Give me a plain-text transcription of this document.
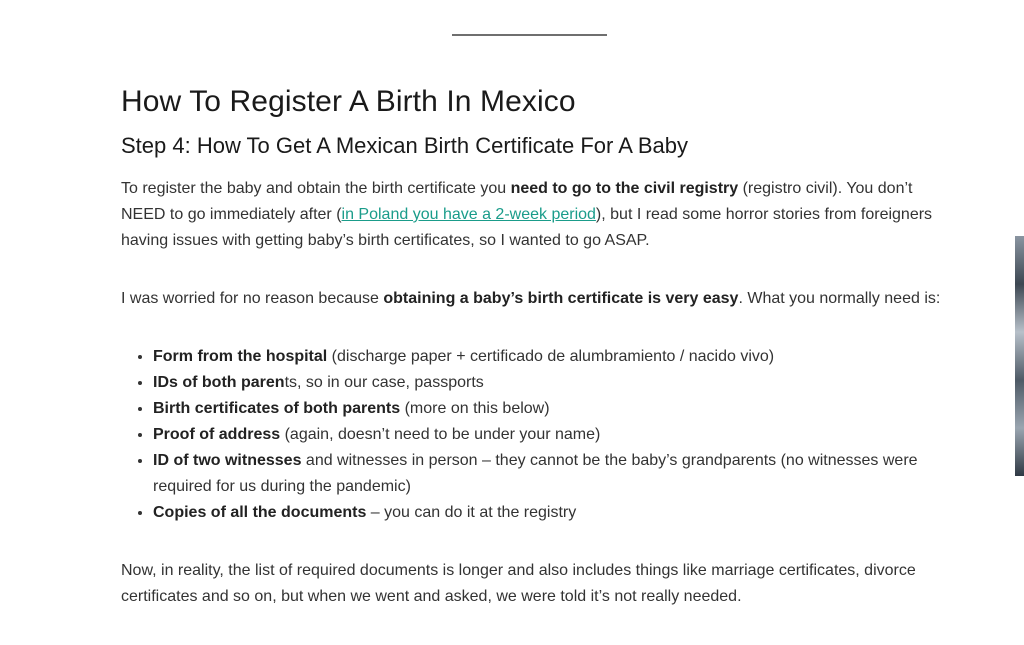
How To Register A Birth In Mexico
Step 4: How To Get A Mexican Birth Certificate For A Baby

To register the baby and obtain the birth certificate you need to go to the civil registry (registro civil). You don’t NEED to go immediately after (in Poland you have a 2-week period), but I read some horror stories from foreigners having issues with getting baby’s birth certificates, so I wanted to go ASAP.

I was worried for no reason because obtaining a baby’s birth certificate is very easy. What you normally need is:

• Form from the hospital (discharge paper + certificado de alumbramiento / nacido vivo)
• IDs of both parents, so in our case, passports
• Birth certificates of both parents (more on this below)
• Proof of address (again, doesn’t need to be under your name)
• ID of two witnesses and witnesses in person – they cannot be the baby’s grandparents (no witnesses were required for us during the pandemic)
• Copies of all the documents – you can do it at the registry

Now, in reality, the list of required documents is longer and also includes things like marriage certificates, divorce certificates and so on, but when we went and asked, we were told it’s not really needed.
